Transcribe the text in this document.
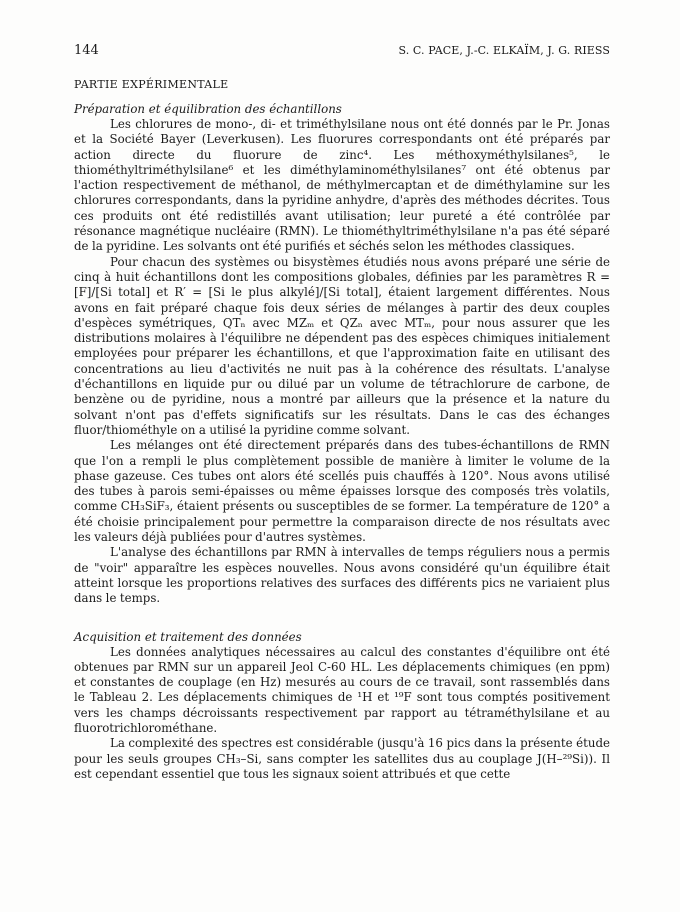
144	S. C. PACE, J.-C. ELKAÏM, J. G. RIESS
PARTIE EXPÉRIMENTALE
Préparation et équilibration des échantillons

Les chlorures de mono-, di- et triméthylsilane nous ont été donnés par le Pr. Jonas et la Société Bayer (Leverkusen). Les fluorures correspondants ont été préparés par action directe du fluorure de zinc⁴. Les méthoxyméthylsilanes⁵, le thiométhyltriméthylsilane⁶ et les diméthylaminométhylsilanes⁷ ont été obtenus par l'action respectivement de méthanol, de méthylmercaptan et de diméthylamine sur les chlorures correspondants, dans la pyridine anhydre, d'après des méthodes décrites. Tous ces produits ont été redistillés avant utilisation; leur pureté a été contrôlée par résonance magnétique nucléaire (RMN). Le thiométhyltriméthylsilane n'a pas été séparé de la pyridine. Les solvants ont été purifiés et séchés selon les méthodes classiques.

Pour chacun des systèmes ou bisystèmes étudiés nous avons préparé une série de cinq à huit échantillons dont les compositions globales, définies par les paramètres R = [F]/[Si total] et R′ = [Si le plus alkylé]/[Si total], étaient largement différentes. Nous avons en fait préparé chaque fois deux séries de mélanges à partir des deux couples d'espèces symétriques, QTₙ avec MZₘ et QZₙ avec MTₘ, pour nous assurer que les distributions molaires à l'équilibre ne dépendent pas des espèces chimiques initialement employées pour préparer les échantillons, et que l'approximation faite en utilisant des concentrations au lieu d'activités ne nuit pas à la cohérence des résultats. L'analyse d'échantillons en liquide pur ou dilué par un volume de tétrachlorure de carbone, de benzène ou de pyridine, nous a montré par ailleurs que la présence et la nature du solvant n'ont pas d'effets significatifs sur les résultats. Dans le cas des échanges fluor/thiométhyle on a utilisé la pyridine comme solvant.

Les mélanges ont été directement préparés dans des tubes-échantillons de RMN que l'on a rempli le plus complètement possible de manière à limiter le volume de la phase gazeuse. Ces tubes ont alors été scellés puis chauffés à 120°. Nous avons utilisé des tubes à parois semi-épaisses ou même épaisses lorsque des composés très volatils, comme CH₃SiF₃, étaient présents ou susceptibles de se former. La température de 120° a été choisie principalement pour permettre la comparaison directe de nos résultats avec les valeurs déjà publiées pour d'autres systèmes.

L'analyse des échantillons par RMN à intervalles de temps réguliers nous a permis de "voir" apparaître les espèces nouvelles. Nous avons considéré qu'un équilibre était atteint lorsque les proportions relatives des surfaces des différents pics ne variaient plus dans le temps.

Acquisition et traitement des données

Les données analytiques nécessaires au calcul des constantes d'équilibre ont été obtenues par RMN sur un appareil Jeol C-60 HL. Les déplacements chimiques (en ppm) et constantes de couplage (en Hz) mesurés au cours de ce travail, sont rassemblés dans le Tableau 2. Les déplacements chimiques de ¹H et ¹⁹F sont tous comptés positivement vers les champs décroissants respectivement par rapport au tétraméthylsilane et au fluorotrichlorométhane.

La complexité des spectres est considérable (jusqu'à 16 pics dans la présente étude pour les seuls groupes CH₃–Si, sans compter les satellites dus au couplage J(H–²⁹Si)). Il est cependant essentiel que tous les signaux soient attribués et que cette
